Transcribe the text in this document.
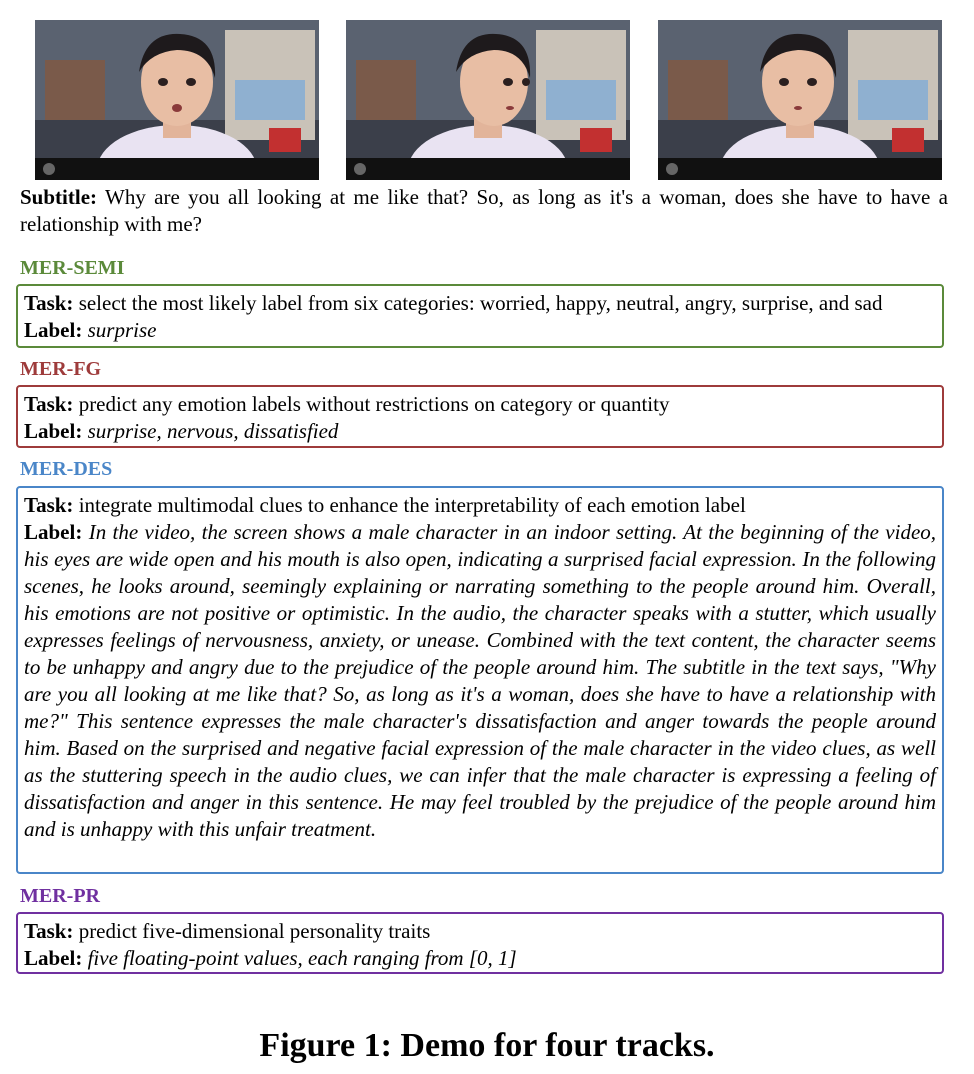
Subtitle: Why are you all looking at me like that? So, as long as it's a woman, does she have to have a relationship with me?
MER-SEMI
Task: select the most likely label from six categories: worried, happy, neutral, angry, surprise, and sad
Label: surprise
MER-FG
Task: predict any emotion labels without restrictions on category or quantity
Label: surprise, nervous, dissatisfied
MER-DES
Task: integrate multimodal clues to enhance the interpretability of each emotion label
Label: In the video, the screen shows a male character in an indoor setting. At the beginning of the video, his eyes are wide open and his mouth is also open, indicating a surprised facial expression. In the following scenes, he looks around, seemingly explaining or narrating something to the people around him. Overall, his emotions are not positive or optimistic. In the audio, the character speaks with a stutter, which usually expresses feelings of nervousness, anxiety, or unease. Combined with the text content, the character seems to be unhappy and angry due to the prejudice of the people around him. The subtitle in the text says, "Why are you all looking at me like that? So, as long as it's a woman, does she have to have a relationship with me?" This sentence expresses the male character's dissatisfaction and anger towards the people around him. Based on the surprised and negative facial expression of the male character in the video clues, as well as the stuttering speech in the audio clues, we can infer that the male character is expressing a feeling of dissatisfaction and anger in this sentence. He may feel troubled by the prejudice of the people around him and is unhappy with this unfair treatment.
MER-PR
Task: predict five-dimensional personality traits
Label: five floating-point values, each ranging from [0, 1]
Figure 1: Demo for four tracks.
